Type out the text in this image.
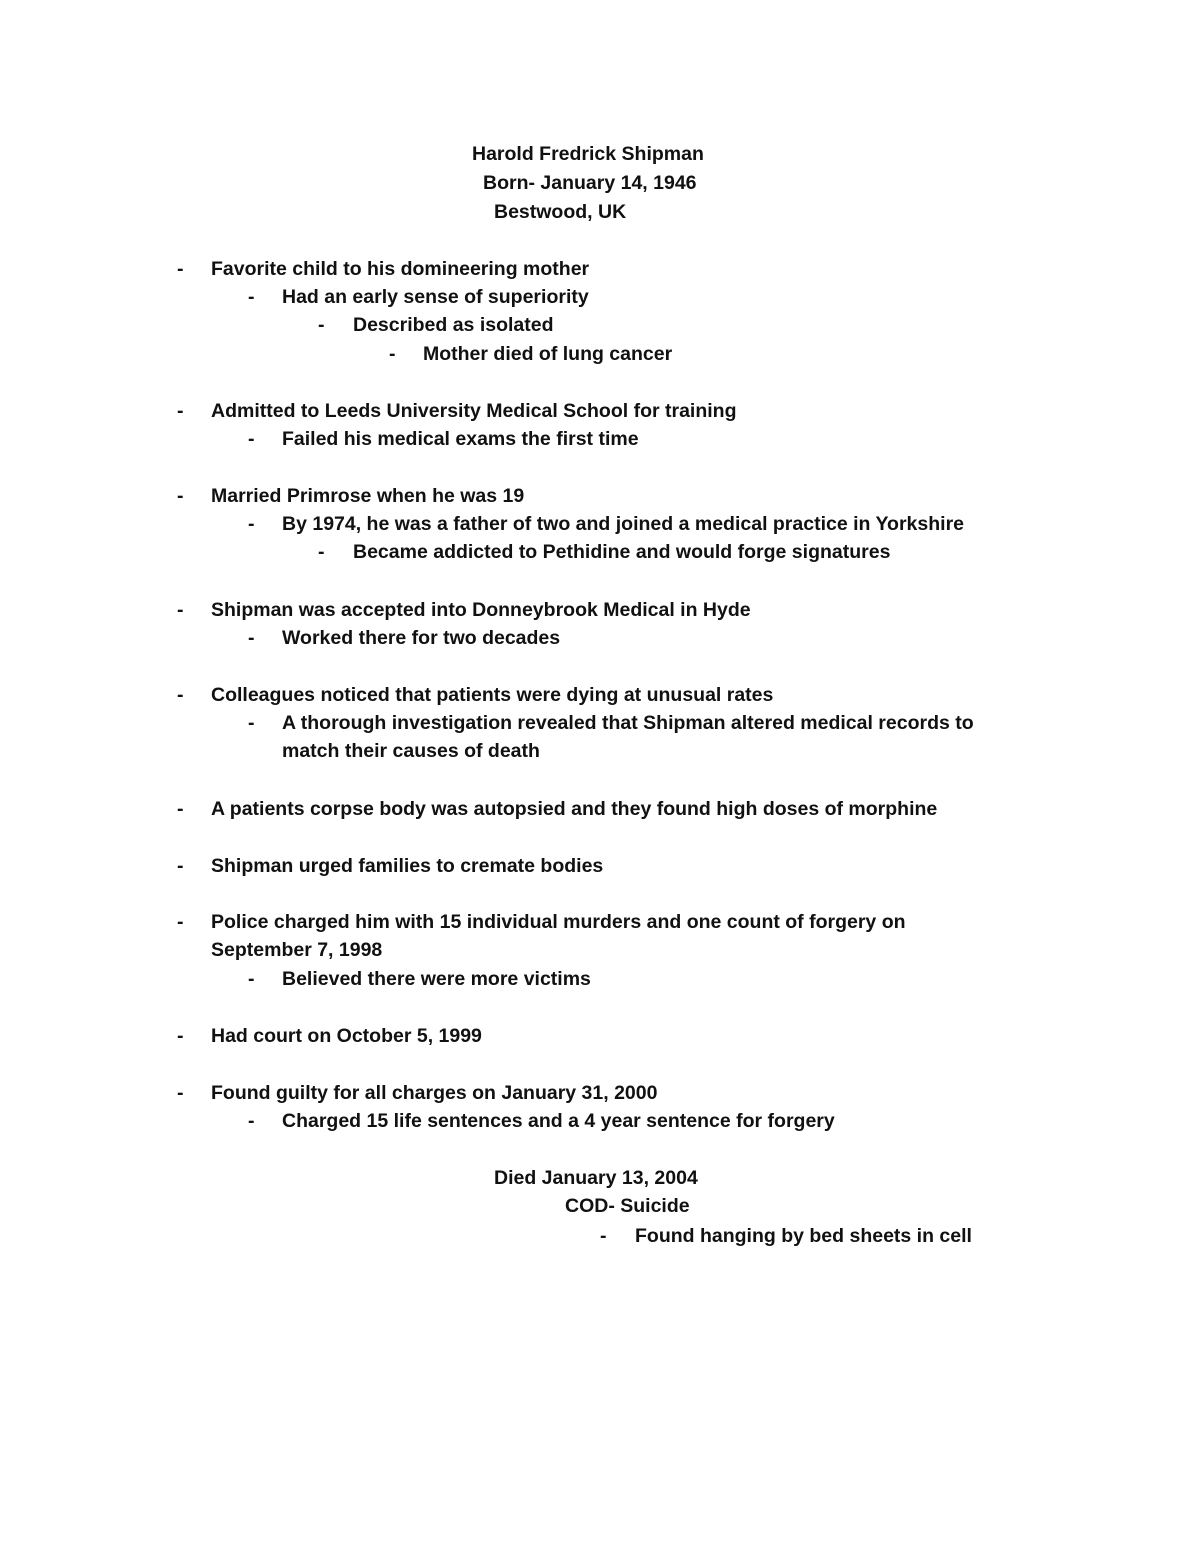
Harold Fredrick Shipman
Born- January 14, 1946
Bestwood, UK
- Favorite child to his domineering mother
- Had an early sense of superiority
- Described as isolated
- Mother died of lung cancer
- Admitted to Leeds University Medical School for training
- Failed his medical exams the first time
- Married Primrose when he was 19
- By 1974, he was a father of two and joined a medical practice in Yorkshire
- Became addicted to Pethidine and would forge signatures
- Shipman was accepted into Donneybrook Medical in Hyde
- Worked there for two decades
- Colleagues noticed that patients were dying at unusual rates
- A thorough investigation revealed that Shipman altered medical records to
match their causes of death
- A patients corpse body was autopsied and they found high doses of morphine
- Shipman urged families to cremate bodies
- Police charged him with 15 individual murders and one count of forgery on
September 7, 1998
- Believed there were more victims
- Had court on October 5, 1999
- Found guilty for all charges on January 31, 2000
- Charged 15 life sentences and a 4 year sentence for forgery
Died January 13, 2004
COD- Suicide
- Found hanging by bed sheets in cell
